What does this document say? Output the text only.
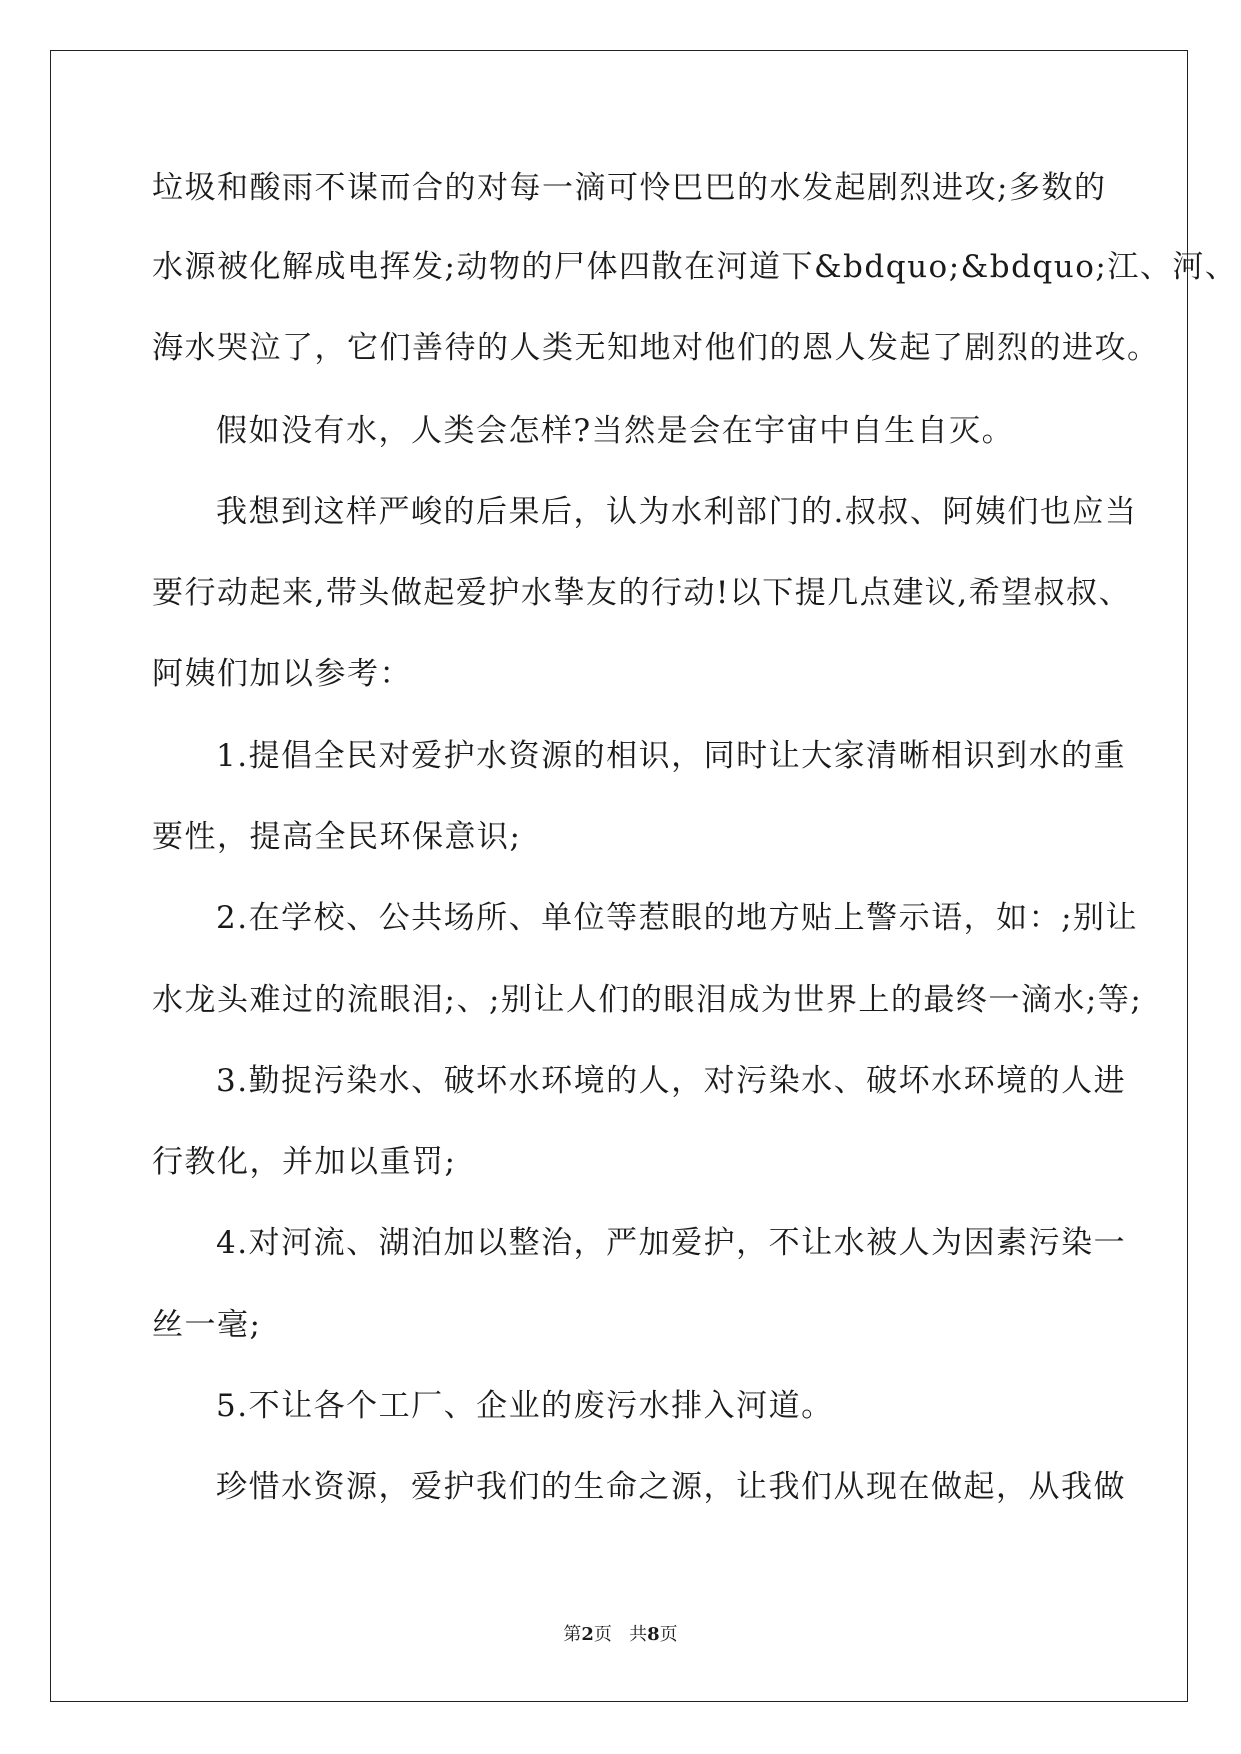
垃圾和酸雨不谋而合的对每一滴可怜巴巴的水发起剧烈进攻;多数的
水源被化解成电挥发;动物的尸体四散在河道下&bdquo;&bdquo;江、河、
海水哭泣了，它们善待的人类无知地对他们的恩人发起了剧烈的进攻。
假如没有水，人类会怎样?当然是会在宇宙中自生自灭。
我想到这样严峻的后果后，认为水利部门的.叔叔、阿姨们也应当
要行动起来,带头做起爱护水挚友的行动!以下提几点建议,希望叔叔、
阿姨们加以参考：
1.提倡全民对爱护水资源的相识，同时让大家清晰相识到水的重
要性，提高全民环保意识;
2.在学校、公共场所、单位等惹眼的地方贴上警示语，如：;别让
水龙头难过的流眼泪;、;别让人们的眼泪成为世界上的最终一滴水;等;
3.勤捉污染水、破坏水环境的人，对污染水、破坏水环境的人进
行教化，并加以重罚;
4.对河流、湖泊加以整治，严加爱护，不让水被人为因素污染一
丝一毫;
5.不让各个工厂、企业的废污水排入河道。
珍惜水资源，爱护我们的生命之源，让我们从现在做起，从我做
第2页 共8页
